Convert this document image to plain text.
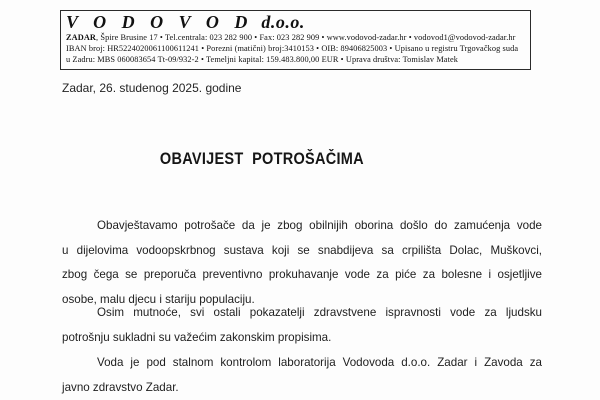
V O D O V O D d.o.o.
ZADAR, Špire Brusine 17 • Tel.centrala: 023 282 900 • Fax: 023 282 909 • www.vodovod-zadar.hr • vodovod1@vodovod-zadar.hr
IBAN broj: HR5224020061100611241 • Porezni (matični) broj:3410153 • OIB: 89406825003 • Upisano u registru Trgovačkog suda
u Zadru: MBS 060083654 Tt-09/932-2 • Temeljni kapital: 159.483.800,00 EUR • Uprava društva: Tomislav Matek
Zadar, 26. studenog 2025. godine
OBAVIJEST  POTROŠAČIMA
Obavještavamo potrošače da je zbog obilnijih oborina došlo do zamućenja vode
u dijelovima vodoopskrbnog sustava koji se snabdijeva sa crpilišta Dolac, Muškovci,
zbog čega se preporuča preventivno prokuhavanje vode za piće za bolesne i osjetljive
osobe, malu djecu i stariju populaciju.
Osim mutnoće, svi ostali pokazatelji zdravstvene ispravnosti vode za ljudsku
potrošnju sukladni su važećim zakonskim propisima.
Voda je pod stalnom kontrolom laboratorija Vodovoda d.o.o. Zadar i Zavoda za
javno zdravstvo Zadar.
